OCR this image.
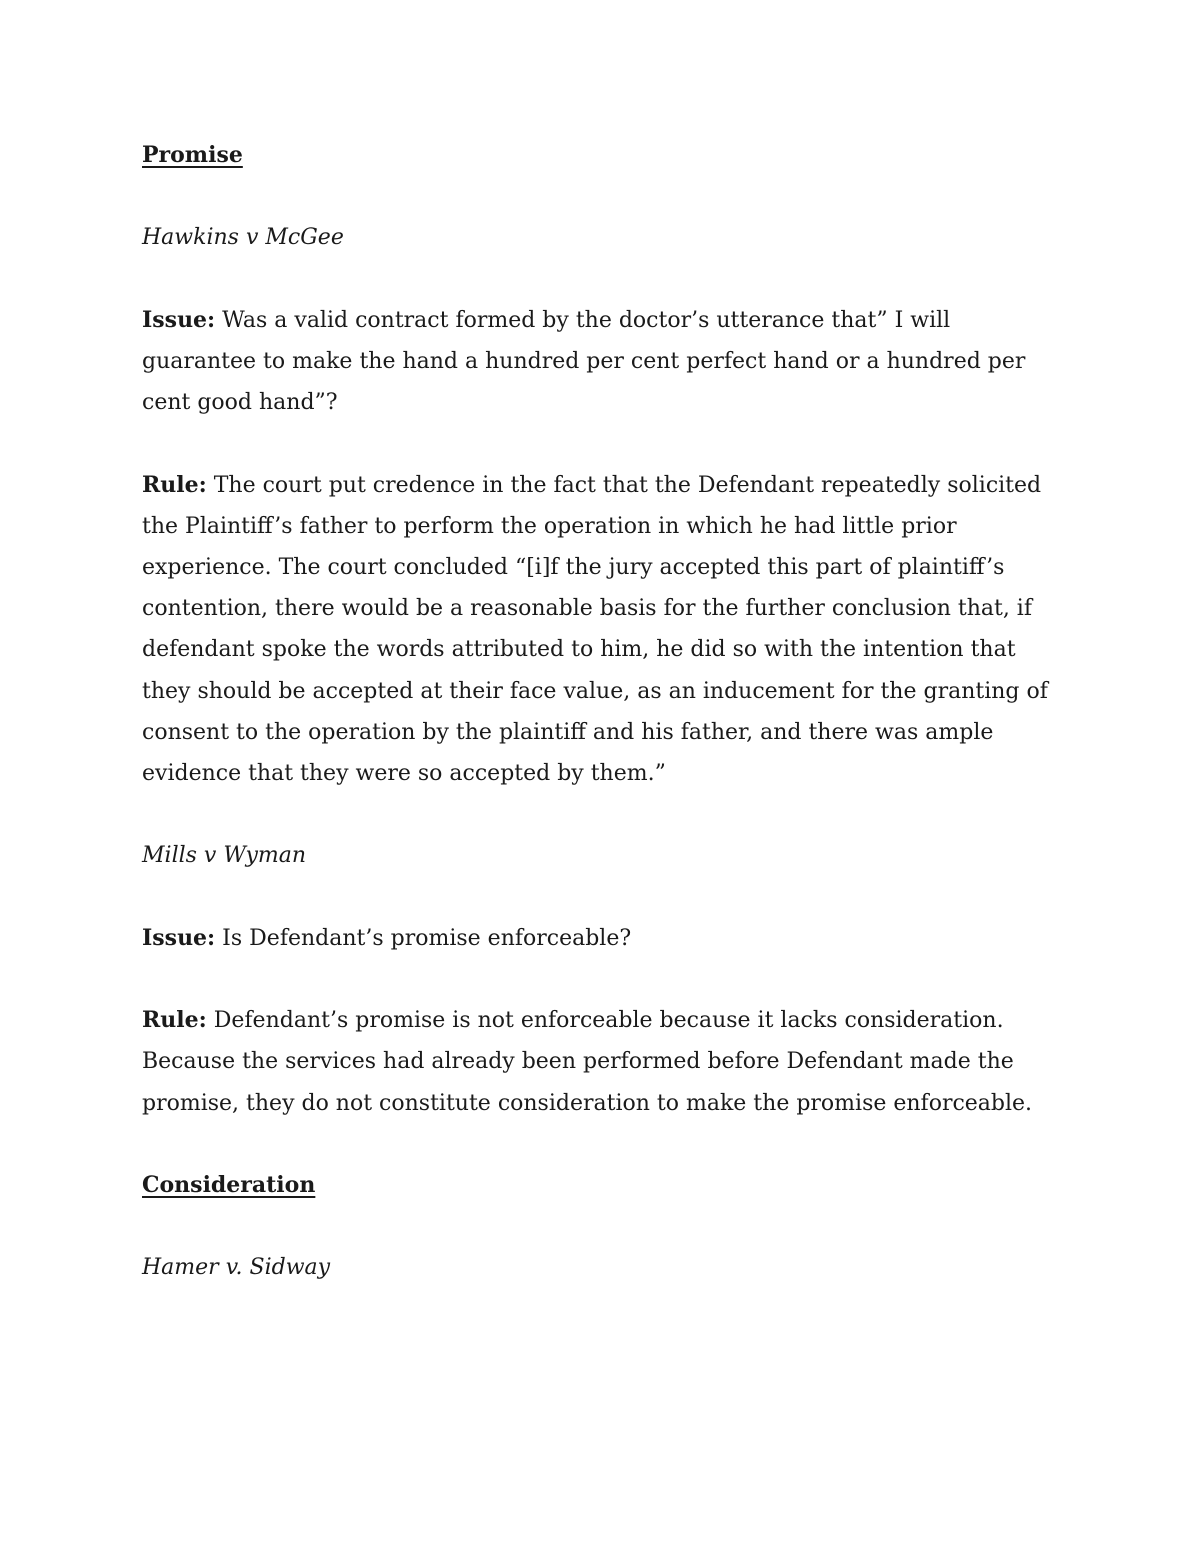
Promise
Hawkins v McGee
Issue: Was a valid contract formed by the doctor’s utterance that” I will guarantee to make the hand a hundred per cent perfect hand or a hundred per cent good hand”?
Rule: The court put credence in the fact that the Defendant repeatedly solicited the Plaintiff’s father to perform the operation in which he had little prior experience. The court concluded “[i]f the jury accepted this part of plaintiff’s contention, there would be a reasonable basis for the further conclusion that, if defendant spoke the words attributed to him, he did so with the intention that they should be accepted at their face value, as an inducement for the granting of consent to the operation by the plaintiff and his father, and there was ample evidence that they were so accepted by them.”
Mills v Wyman
Issue: Is Defendant’s promise enforceable?
Rule: Defendant’s promise is not enforceable because it lacks consideration. Because the services had already been performed before Defendant made the promise, they do not constitute consideration to make the promise enforceable.
Consideration
Hamer v. Sidway
